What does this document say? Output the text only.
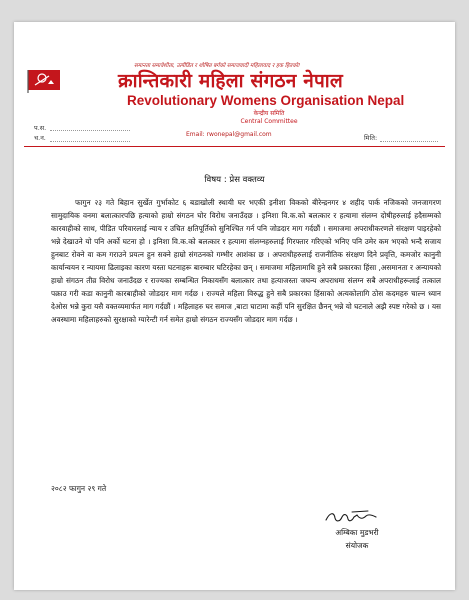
समानता समावेशीता, उत्पीडित र शोषित बर्गको समाजवादी महिलावाद र हक हितको!
क्रान्तिकारी महिला संगठन नेपाल
Revolutionary Womens Organisation Nepal
केन्द्रीय समिति
Central Committee
Email: rwonepal@gmail.com
प.स.
च.न.	मिति:
विषय : प्रेस वक्तव्य

फागुन २३ गते बिहान सुर्खेत गुर्भाकोट ६ बडाखोली स्थायी घर भएकी इनीशा विकको बीरेन्द्रनगर ४ शहीद पार्क नजिकको जनजागरण सामुदायिक वनमा बलात्कारपछि हत्याको हाम्रो संगठन घोर विरोध जनाउँदछ । इनिशा वि.क.को बलत्कार र हत्यामा संलग्न दोषीहरुलाई हदैसम्मको कारवाहीको साथ, पीडित परिवारलाई न्याय र उचित क्षतिपूर्तिको सुनिश्चित गर्न पनि जोडदार माग गर्दछौं । समाजमा अपराधीकरणले संरक्षण पाइरहेको भन्ने देखाउने यो पनि अर्को घटना हो । इनिशा वि.क.को बलत्कार र हत्यामा संलग्नहरुलाई गिरफ्तार गरिएको भनिए पनि उमेर कम भएको भन्दै सजाय हुनबाट रोक्ने वा कम गराउने प्रयत्न हुन सक्ने हाम्रो संगठनको गम्भीर आशंका छ । अपराधीहरुलाई राजनीतिक संरक्षण दिने प्रवृत्ति, कमजोर कानुनी कार्यान्वयन र न्यायमा ढिलाइका कारण यस्ता घटनाहरू बारम्बार घटिरहेका छन् । समाजमा महिलामाथि हुने सबै प्रकारका हिंसा ,असमानता र अन्यायको हाम्रो संगठन तीव्र विरोध जनाउँदछ र राज्यका सम्बन्धित निकायसँग बलात्कार तथा हत्याजस्ता जघन्य अपराधमा संलग्न सबै अपराधीहरूलाई तत्काल पक्राउ गरी कडा कानुनी कारबाहीको जोडदार माग गर्दछ । राज्यले महिला विरुद्ध हुने सबै प्रकारका हिंसाको अत्यकोलागि ठोस कदमहरु चाल्न ध्यान देओस भन्ने कुरा यसै वक्तव्यमार्फत माग गर्दछौं । महिलाहरु घर समाज ,बाटा घाटामा कहीं पनि सुरक्षित छैनन् भन्ने यो घटनाले अझै स्पष्ट गरेको छ । यस अवस्थामा महिलाहरुको सुरक्षाको ग्यारेन्टी गर्न समेत हाम्रो संगठन राज्यसँग जोडदार माग गर्दछ ।

२०८२ फागुन २९ गते
अम्बिका मुडभरी
संयोजक
